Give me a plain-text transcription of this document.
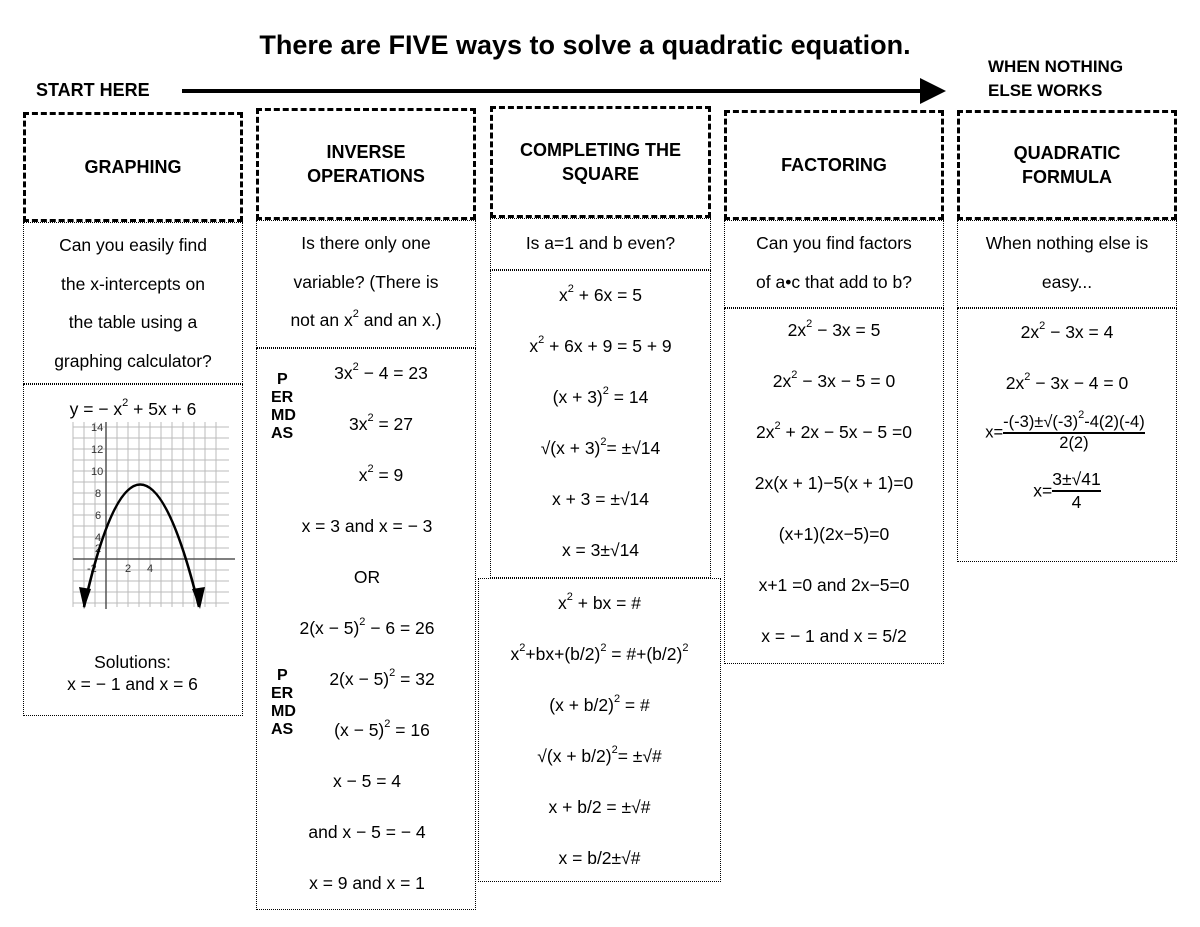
There are FIVE ways to solve a quadratic equation.
START HERE
WHEN NOTHING
ELSE WORKS
GRAPHING
Can you easily find
the x-intercepts on
the table using a
graphing calculator?
y = − $x^2 + 5x + 6$
14
12
10
8
6
4
2
-2	2 4
Solutions:
x = − 1 and x = 6
INVERSE
OPERATIONS
Is there only one
variable? (There is
not an $x^2$ and an x.)
P
ER
MD
AS
$3x^2 - 4 = 23$
$3x^2 = 27$
$x^2 = 9$
x = 3 and x = − 3
OR
$2(x - 5)^2 - 6 = 26$
P
ER
MD
AS
$2(x - 5)^2 = 32$
$(x - 5)^2 = 16$
x − 5 = 4
and x − 5 = − 4
x = 9 and x = 1
COMPLETING THE
SQUARE
Is a=1 and b even?
$x^2 + 6x = 5$
$x^2 + 6x + 9 = 5 + 9$
$(x + 3)^2 = 14$
$√(x + 3)^2= \pm√14$
x + 3 = ±√14
x = 3±√14
$x^2$ + bx = #
$x^2+bx+(b/2)^2$ = $\#+(b/2)^2$
$(x + b/2)^2$ = #
$√(x + b/2)^2=$ ±√#
x + b/2 = ±√#
x = b/2±√#
FACTORING
Can you find factors
of a•c that add to b?
$2x^2 - 3x = 5$
$2x^2 - 3x - 5 = 0$
$2x^2 + 2x - 5x - 5 =0$
2x(x + 1)−5(x + 1)=0
(x+1)(2x−5)=0
x+1 =0 and 2x−5=0
x = − 1 and x = 5/2
QUADRATIC
FORMULA
When nothing else is
easy...
$2x^2 - 3x = 4$
$2x^2 - 3x - 4 = 0$
$x= \frac{-(-3)\pm√(-3)^2-4(2)(-4)}{2(2)}$
$x= \frac{3\pm√41}{4}$
